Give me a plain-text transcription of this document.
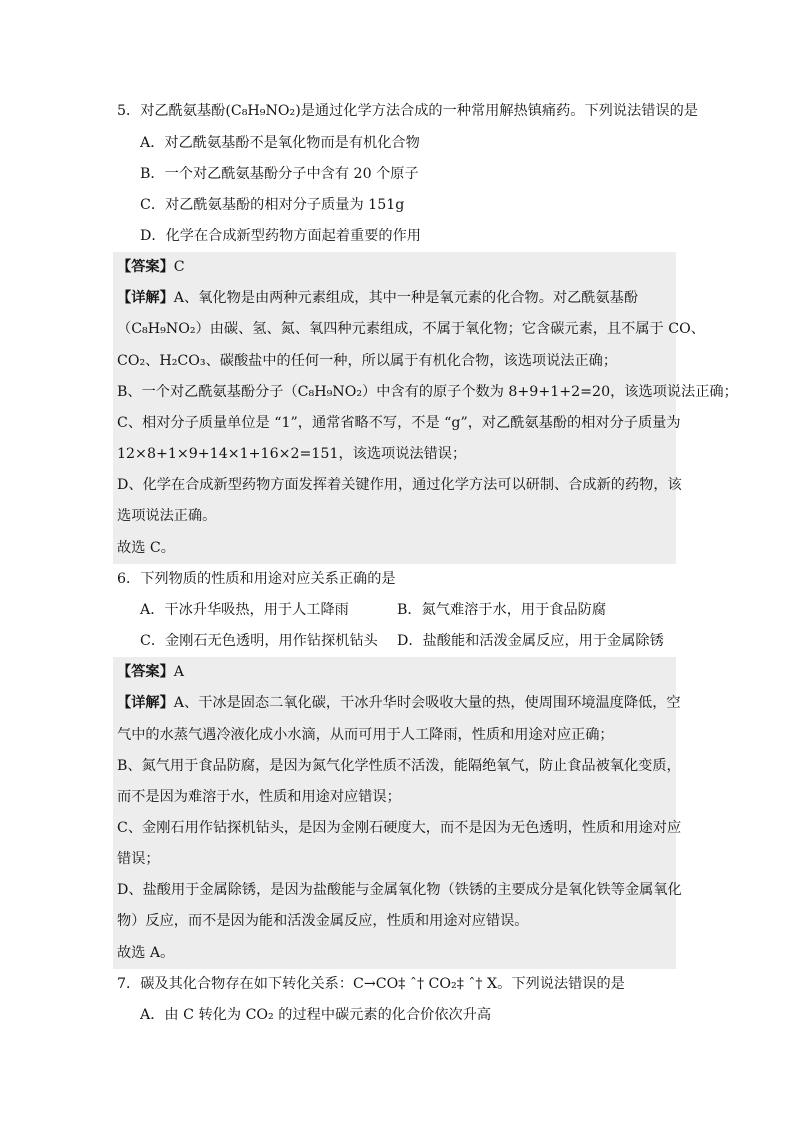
5．对乙酰氨基酚(C₈H₉NO₂)是通过化学方法合成的一种常用解热镇痛药。下列说法错误的是
A．对乙酰氨基酚不是氧化物而是有机化合物
B．一个对乙酰氨基酚分子中含有 20 个原子
C．对乙酰氨基酚的相对分子质量为 151g
D．化学在合成新型药物方面起着重要的作用
【答案】C
【详解】A、氧化物是由两种元素组成，其中一种是氧元素的化合物。对乙酰氨基酚
（C₈H₉NO₂）由碳、氢、氮、氧四种元素组成，不属于氧化物；它含碳元素，且不属于 CO、
CO₂、H₂CO₃、碳酸盐中的任何一种，所以属于有机化合物，该选项说法正确；
B、一个对乙酰氨基酚分子（C₈H₉NO₂）中含有的原子个数为 8+9+1+2=20，该选项说法正确；
C、相对分子质量单位是 “1”，通常省略不写，不是 “g”，对乙酰氨基酚的相对分子质量为
12×8+1×9+14×1+16×2=151，该选项说法错误；
D、化学在合成新型药物方面发挥着关键作用，通过化学方法可以研制、合成新的药物，该
选项说法正确。
故选 C。
6．下列物质的性质和用途对应关系正确的是
A．干冰升华吸热，用于人工降雨	B．氮气难溶于水，用于食品防腐
C．金刚石无色透明，用作钻探机钻头 D．盐酸能和活泼金属反应，用于金属除锈
【答案】A
【详解】A、干冰是固态二氧化碳，干冰升华时会吸收大量的热，使周围环境温度降低，空
气中的水蒸气遇冷液化成小水滴，从而可用于人工降雨，性质和用途对应正确；
B、氮气用于食品防腐，是因为氮气化学性质不活泼，能隔绝氧气，防止食品被氧化变质，
而不是因为难溶于水，性质和用途对应错误；
C、金刚石用作钻探机钻头，是因为金刚石硬度大，而不是因为无色透明，性质和用途对应
错误；
D、盐酸用于金属除锈，是因为盐酸能与金属氧化物（铁锈的主要成分是氧化铁等金属氧化
物）反应，而不是因为能和活泼金属反应，性质和用途对应错误。
故选 A。
7．碳及其化合物存在如下转化关系：C→CO‡ ˆ† CO₂‡ ˆ† X。下列说法错误的是
A．由 C 转化为 CO₂ 的过程中碳元素的化合价依次升高
